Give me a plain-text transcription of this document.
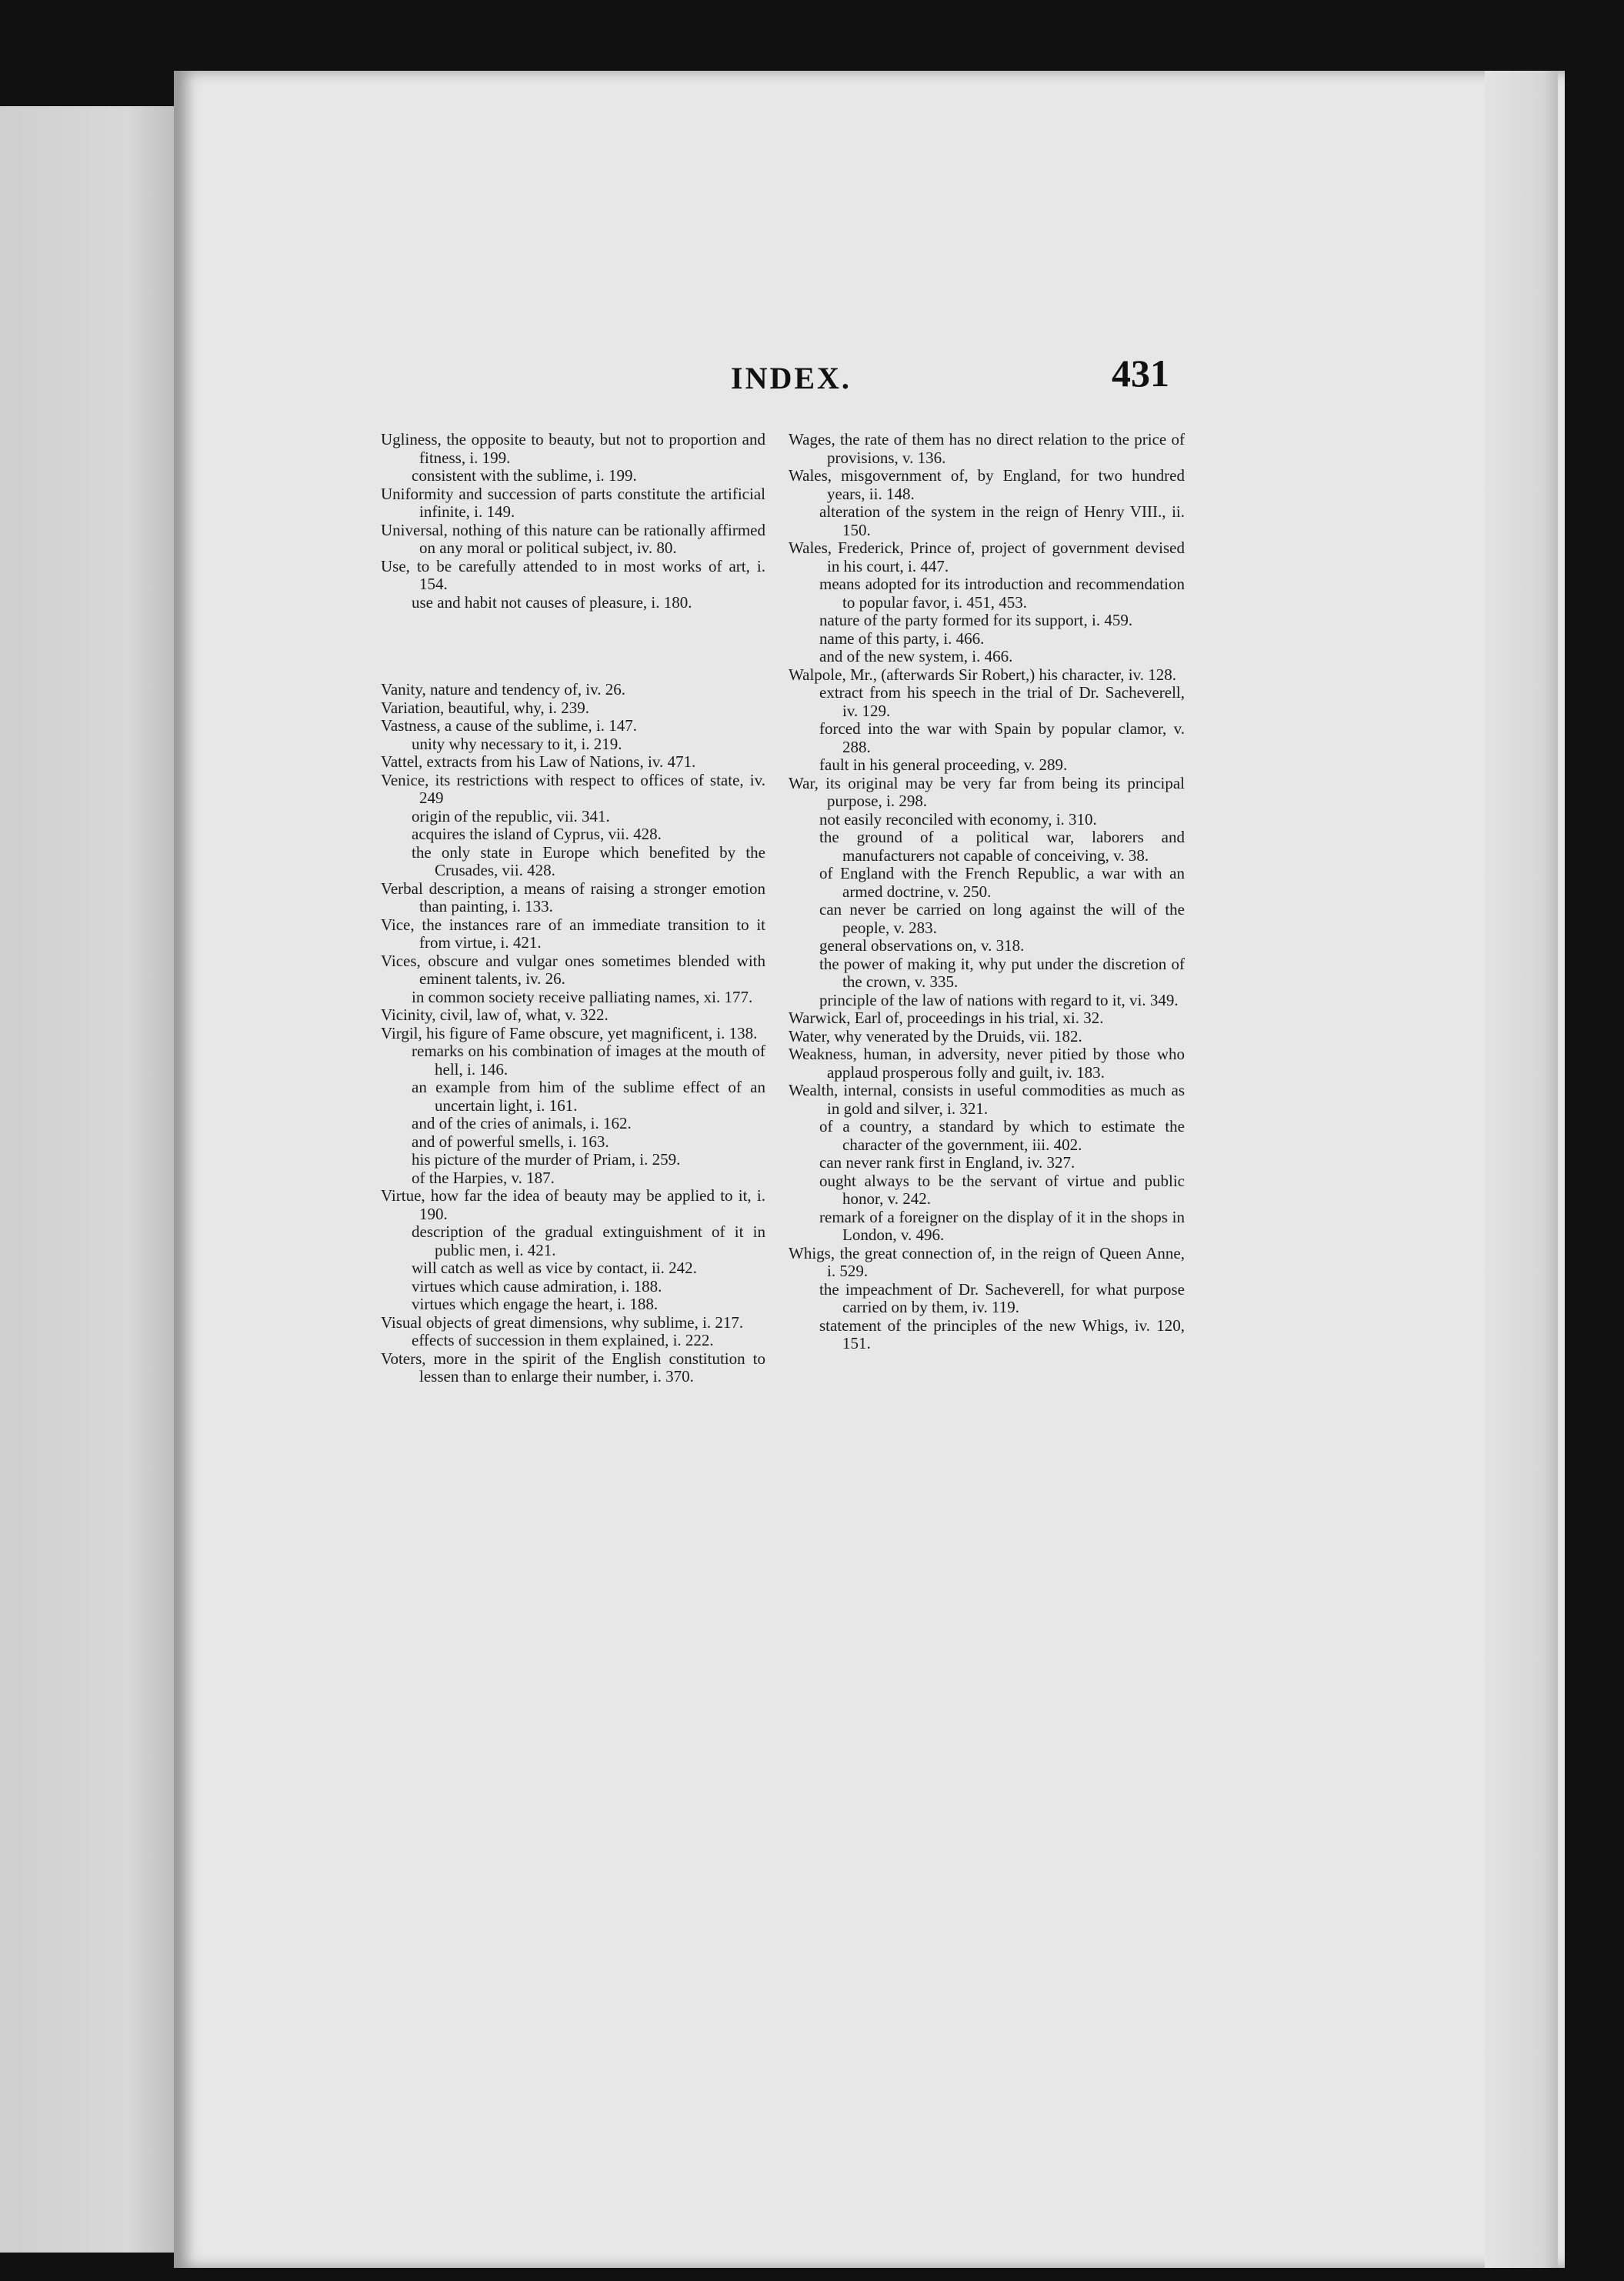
INDEX.	431

Ugliness, the opposite to beauty, but not to proportion and fitness, i. 199.

consistent with the sublime, i. 199.

Uniformity and succession of parts constitute the artificial infinite, i. 149.

Universal, nothing of this nature can be rationally affirmed on any moral or political subject, iv. 80.

Use, to be carefully attended to in most works of art, i. 154.

use and habit not causes of pleasure, i. 180.

Vanity, nature and tendency of, iv. 26.

Variation, beautiful, why, i. 239.

Vastness, a cause of the sublime, i. 147.

unity why necessary to it, i. 219.

Vattel, extracts from his Law of Nations, iv. 471.

Venice, its restrictions with respect to offices of state, iv. 249

origin of the republic, vii. 341.

acquires the island of Cyprus, vii. 428.

the only state in Europe which benefited by the Crusades, vii. 428.

Verbal description, a means of raising a stronger emotion than painting, i. 133.

Vice, the instances rare of an immediate transition to it from virtue, i. 421.

Vices, obscure and vulgar ones sometimes blended with eminent talents, iv. 26.

in common society receive palliating names, xi. 177.

Vicinity, civil, law of, what, v. 322.

Virgil, his figure of Fame obscure, yet magnificent, i. 138.

remarks on his combination of images at the mouth of hell, i. 146.

an example from him of the sublime effect of an uncertain light, i. 161.

and of the cries of animals, i. 162.

and of powerful smells, i. 163.

his picture of the murder of Priam, i. 259.

of the Harpies, v. 187.

Virtue, how far the idea of beauty may be applied to it, i. 190.

description of the gradual extinguishment of it in public men, i. 421.

will catch as well as vice by contact, ii. 242.

virtues which cause admiration, i. 188.

virtues which engage the heart, i. 188.

Visual objects of great dimensions, why sublime, i. 217.

effects of succession in them explained, i. 222.

Voters, more in the spirit of the English constitution to lessen than to enlarge their number, i. 370.

Wages, the rate of them has no direct relation to the price of provisions, v. 136.

Wales, misgovernment of, by England, for two hundred years, ii. 148.

alteration of the system in the reign of Henry VIII., ii. 150.

Wales, Frederick, Prince of, project of government devised in his court, i. 447.

means adopted for its introduction and recommendation to popular favor, i. 451, 453.

nature of the party formed for its support, i. 459.

name of this party, i. 466.

and of the new system, i. 466.

Walpole, Mr., (afterwards Sir Robert,) his character, iv. 128.

extract from his speech in the trial of Dr. Sacheverell, iv. 129.

forced into the war with Spain by popular clamor, v. 288.

fault in his general proceeding, v. 289.

War, its original may be very far from being its principal purpose, i. 298.

not easily reconciled with economy, i. 310.

the ground of a political war, laborers and manufacturers not capable of conceiving, v. 38.

of England with the French Republic, a war with an armed doctrine, v. 250.

can never be carried on long against the will of the people, v. 283.

general observations on, v. 318.

the power of making it, why put under the discretion of the crown, v. 335.

principle of the law of nations with regard to it, vi. 349.

Warwick, Earl of, proceedings in his trial, xi. 32.

Water, why venerated by the Druids, vii. 182.

Weakness, human, in adversity, never pitied by those who applaud prosperous folly and guilt, iv. 183.

Wealth, internal, consists in useful commodities as much as in gold and silver, i. 321.

of a country, a standard by which to estimate the character of the government, iii. 402.

can never rank first in England, iv. 327.

ought always to be the servant of virtue and public honor, v. 242.

remark of a foreigner on the display of it in the shops in London, v. 496.

Whigs, the great connection of, in the reign of Queen Anne, i. 529.

the impeachment of Dr. Sacheverell, for what purpose carried on by them, iv. 119.

statement of the principles of the new Whigs, iv. 120, 151.
